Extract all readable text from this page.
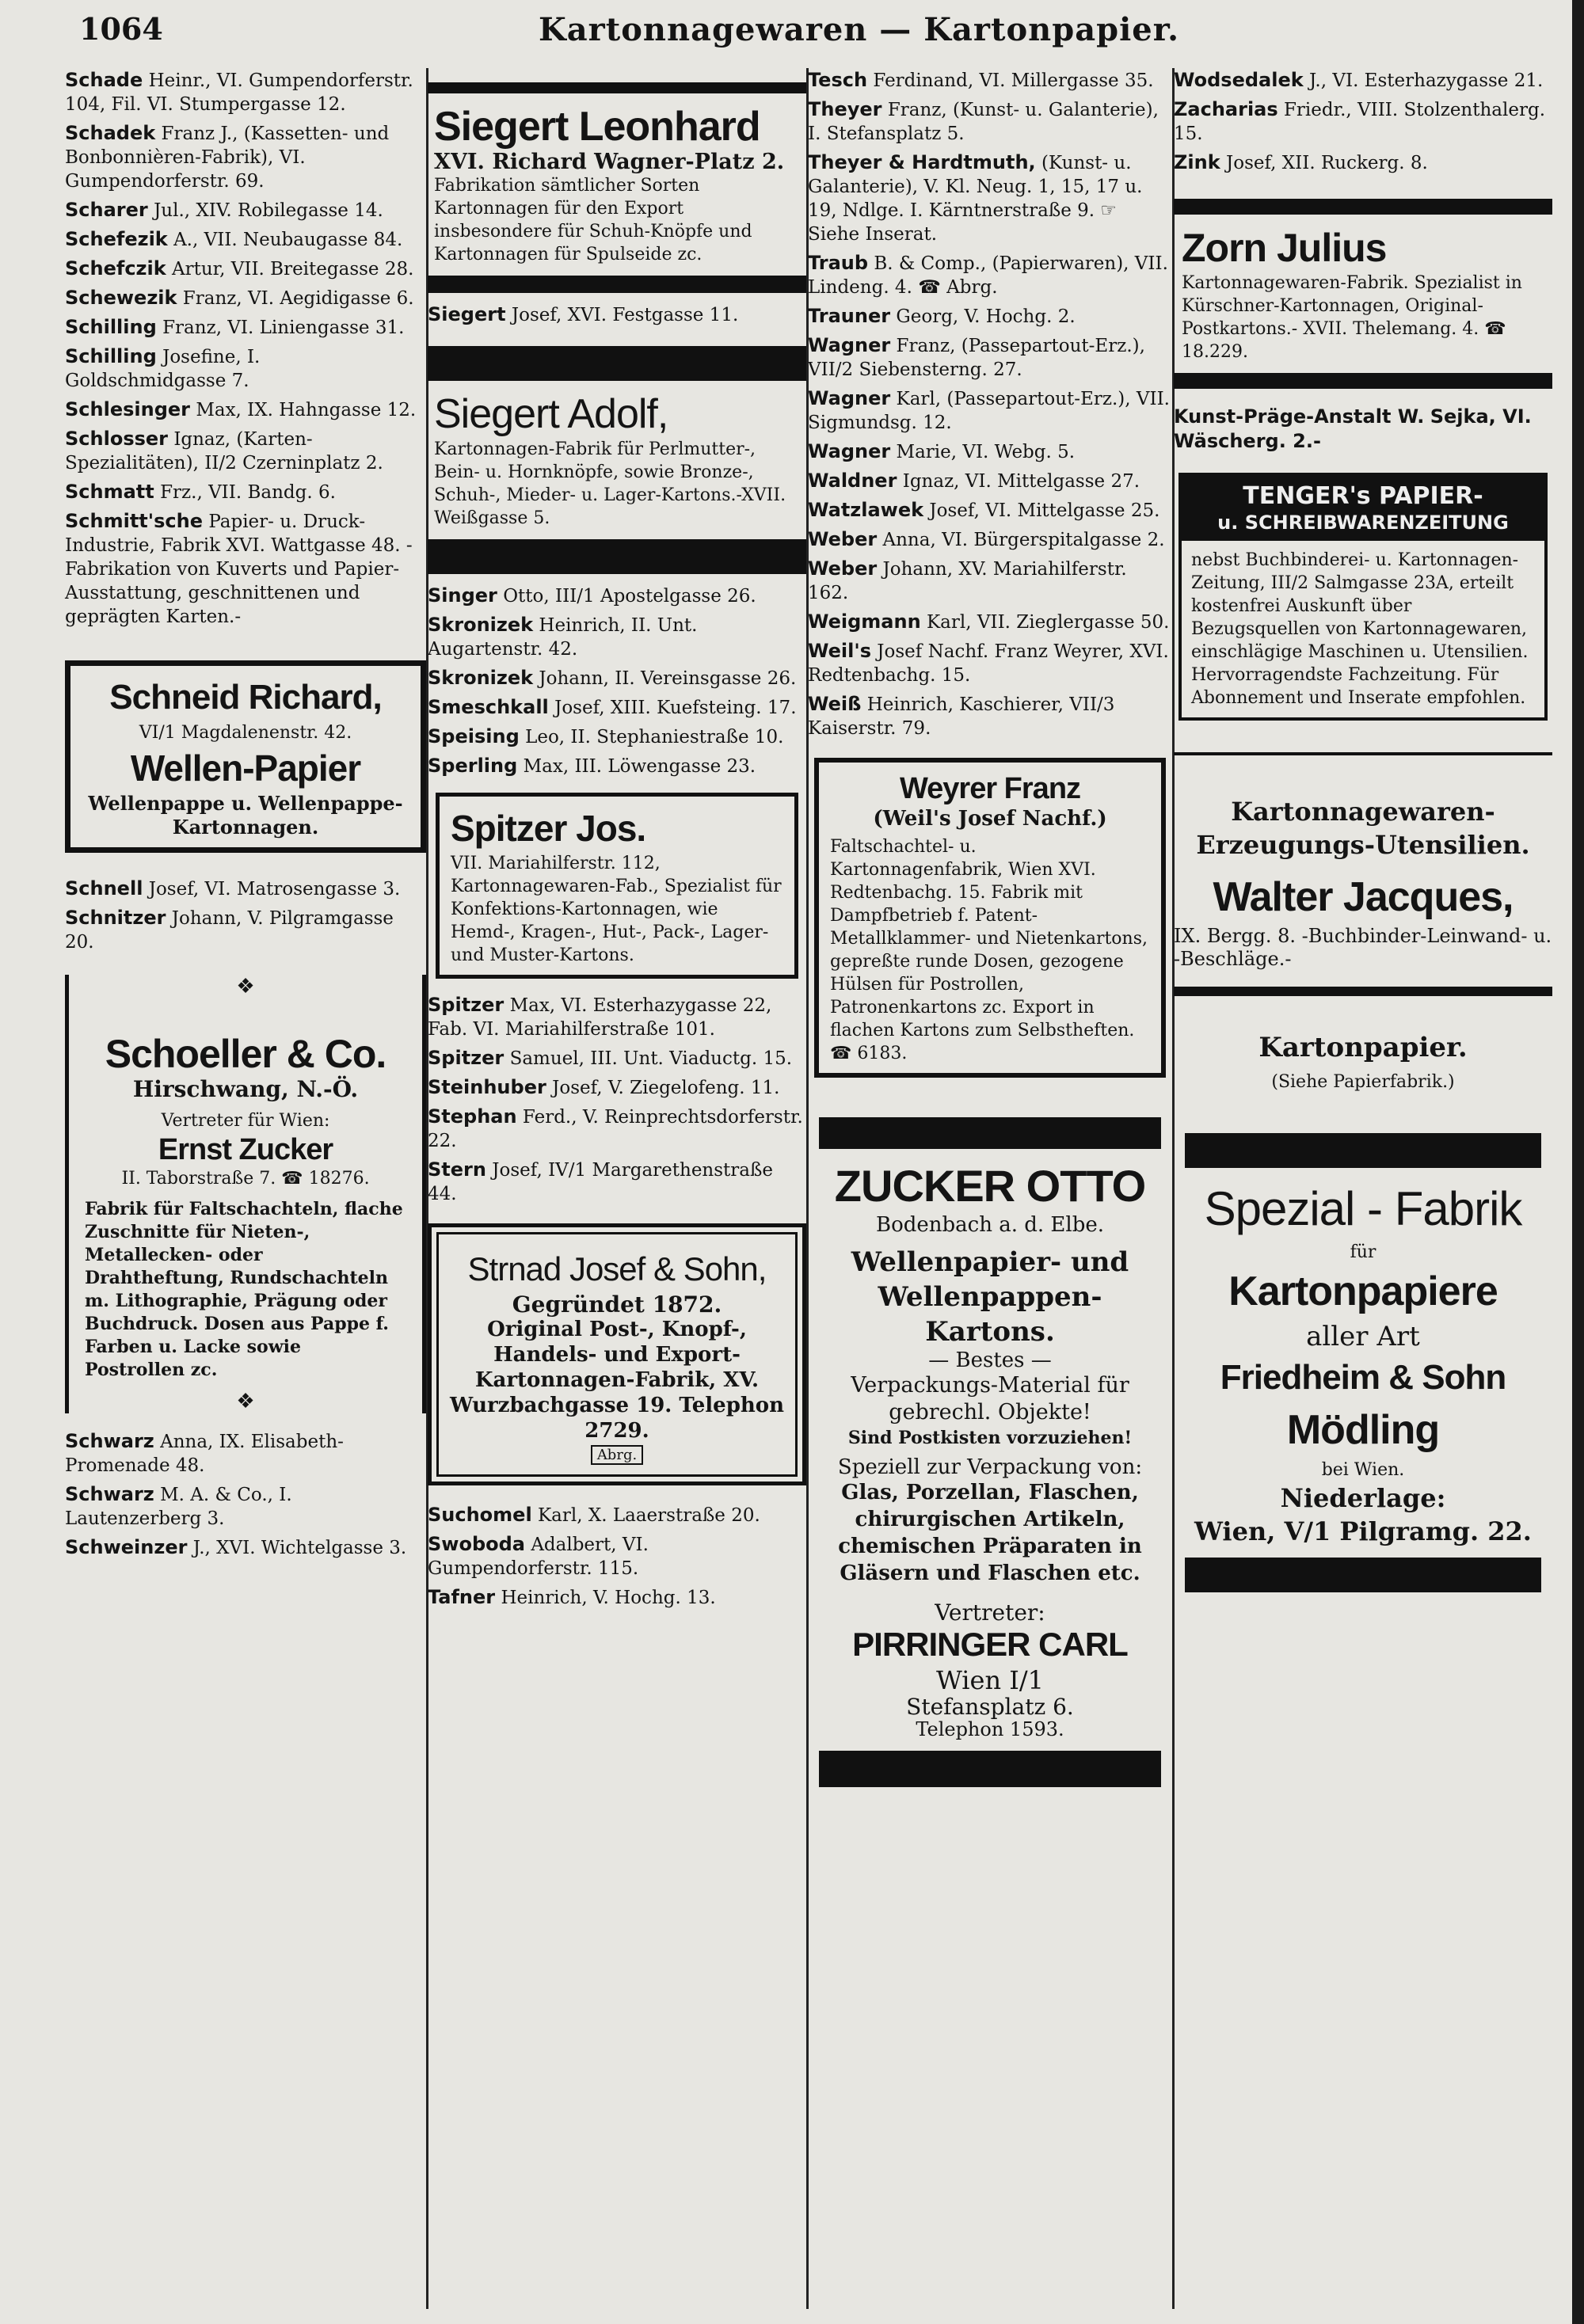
1064	Kartonnagewaren — Kartonpapier.

Schade Heinr., VI. Gumpendorferstr. 104, Fil. VI. Stumpergasse 12.

Schadek Franz J., (Kassetten- und Bonbonnièren-Fabrik), VI. Gumpendorferstr. 69.

Scharer Jul., XIV. Robilegasse 14.

Schefezik A., VII. Neubaugasse 84.

Schefczik Artur, VII. Breitegasse 28.

Schewezik Franz, VI. Aegidigasse 6.

Schilling Franz, VI. Liniengasse 31.

Schilling Josefine, I. Goldschmidgasse 7.

Schlesinger Max, IX. Hahngasse 12.

Schlosser Ignaz, (Karten-Spezialitäten), II/2 Czerninplatz 2.

Schmatt Frz., VII. Bandg. 6.

Schmitt'sche Papier- u. Druck-Industrie, Fabrik XVI. Wattgasse 48. -Fabrikation von Kuverts und Papier-Ausstattung, geschnittenen und geprägten Karten.-

Schneid Richard,
VI/1 Magdalenenstr. 42.
Wellen-Papier
Wellenpappe u. Wellenpappe-Kartonnagen.

Schnell Josef, VI. Matrosengasse 3.

Schnitzer Johann, V. Pilgramgasse 20.

❖
Schoeller & Co.
Hirschwang, N.-Ö.
Vertreter für Wien:
Ernst Zucker
II. Taborstraße 7. ☎ 18276.
Fabrik für Faltschachteln, flache Zuschnitte für Nieten-, Metallecken- oder Drahtheftung, Rundschachteln m. Lithographie, Prägung oder Buchdruck. Dosen aus Pappe f. Farben u. Lacke sowie Postrollen zc.
❖

Schwarz Anna, IX. Elisabeth-Promenade 48.

Schwarz M. A. & Co., I. Lautenzerberg 3.

Schweinzer J., XVI. Wichtelgasse 3.

Siegert Leonhard
XVI. Richard Wagner-Platz 2.
Fabrikation sämtlicher Sorten Kartonnagen für den Export insbesondere für Schuh-Knöpfe und Kartonnagen für Spulseide zc.

Siegert Josef, XVI. Festgasse 11.

Siegert Adolf,
Kartonnagen-Fabrik für Perlmutter-, Bein- u. Hornknöpfe, sowie Bronze-, Schuh-, Mieder- u. Lager-Kartons.-XVII. Weißgasse 5.

Singer Otto, III/1 Apostelgasse 26.

Skronizek Heinrich, II. Unt. Augartenstr. 42.

Skronizek Johann, II. Vereinsgasse 26.

Smeschkall Josef, XIII. Kuefsteing. 17.

Speising Leo, II. Stephaniestraße 10.

Sperling Max, III. Löwengasse 23.

Spitzer Jos.
VII. Mariahilferstr. 112, Kartonnagewaren-Fab., Spezialist für Konfektions-Kartonnagen, wie Hemd-, Kragen-, Hut-, Pack-, Lager- und Muster-Kartons.

Spitzer Max, VI. Esterhazygasse 22, Fab. VI. Mariahilferstraße 101.

Spitzer Samuel, III. Unt. Viaductg. 15.

Steinhuber Josef, V. Ziegelofeng. 11.

Stephan Ferd., V. Reinprechtsdorferstr. 22.

Stern Josef, IV/1 Margarethenstraße 44.

Strnad Josef & Sohn,
Gegründet 1872.
Original Post-, Knopf-, Handels- und Export-Kartonnagen-Fabrik, XV. Wurzbachgasse 19. Telephon 2729.
Abrg.

Suchomel Karl, X. Laaerstraße 20.

Swoboda Adalbert, VI. Gumpendorferstr. 115.

Tafner Heinrich, V. Hochg. 13.

Tesch Ferdinand, VI. Millergasse 35.

Theyer Franz, (Kunst- u. Galanterie), I. Stefansplatz 5.

Theyer & Hardtmuth, (Kunst- u. Galanterie), V. Kl. Neug. 1, 15, 17 u. 19, Ndlge. I. Kärntnerstraße 9. ☞ Siehe Inserat.

Traub B. & Comp., (Papierwaren), VII. Lindeng. 4. ☎ Abrg.

Trauner Georg, V. Hochg. 2.

Wagner Franz, (Passepartout-Erz.), VII/2 Siebensterng. 27.

Wagner Karl, (Passepartout-Erz.), VII. Sigmundsg. 12.

Wagner Marie, VI. Webg. 5.

Waldner Ignaz, VI. Mittelgasse 27.

Watzlawek Josef, VI. Mittelgasse 25.

Weber Anna, VI. Bürgerspitalgasse 2.

Weber Johann, XV. Mariahilferstr. 162.

Weigmann Karl, VII. Zieglergasse 50.

Weil's Josef Nachf. Franz Weyrer, XVI. Redtenbachg. 15.

Weiß Heinrich, Kaschierer, VII/3 Kaiserstr. 79.

Weyrer Franz
(Weil's Josef Nachf.)
Faltschachtel- u. Kartonnagenfabrik, Wien XVI. Redtenbachg. 15. Fabrik mit Dampfbetrieb f. Patent-Metallklammer- und Nietenkartons, gepreßte runde Dosen, gezogene Hülsen für Postrollen, Patronenkartons zc. Export in flachen Kartons zum Selbstheften. ☎ 6183.
ZUCKER OTTO
Bodenbach a. d. Elbe.
Wellenpapier- und Wellenpappen-Kartons.
— Bestes —
Verpackungs-Material für gebrechl. Objekte!
Sind Postkisten vorzuziehen!
Speziell zur Verpackung von:
Glas, Porzellan, Flaschen, chirurgischen Artikeln, chemischen Präparaten in Gläsern und Flaschen etc.
Vertreter:
PIRRINGER CARL
Wien I/1
Stefansplatz 6.
Telephon 1593.

Wodsedalek J., VI. Esterhazygasse 21.

Zacharias Friedr., VIII. Stolzenthalerg. 15.

Zink Josef, XII. Ruckerg. 8.

Zorn Julius
Kartonnagewaren-Fabrik. Spezialist in Kürschner-Kartonnagen, Original-Postkartons.- XVII. Thelemang. 4. ☎ 18.229.

Kunst-Präge-Anstalt W. Sejka, VI. Wäscherg. 2.-

TENGER's PAPIER-
u. SCHREIBWARENZEITUNG
nebst Buchbinderei- u. Kartonnagen-Zeitung, III/2 Salmgasse 23A, erteilt kostenfrei Auskunft über Bezugsquellen von Kartonnagewaren, einschlägige Maschinen u. Utensilien. Hervorragendste Fachzeitung. Für Abonnement und Inserate empfohlen.
Kartonnagewaren-Erzeugungs-Utensilien.
Walter Jacques,
IX. Bergg. 8. -Buchbinder-Leinwand- u. -Beschläge.-
Kartonpapier.
(Siehe Papierfabrik.)
Spezial - Fabrik
für
Kartonpapiere
aller Art
Friedheim & Sohn
Mödling
bei Wien.
Niederlage:
Wien, V/1 Pilgramg. 22.
